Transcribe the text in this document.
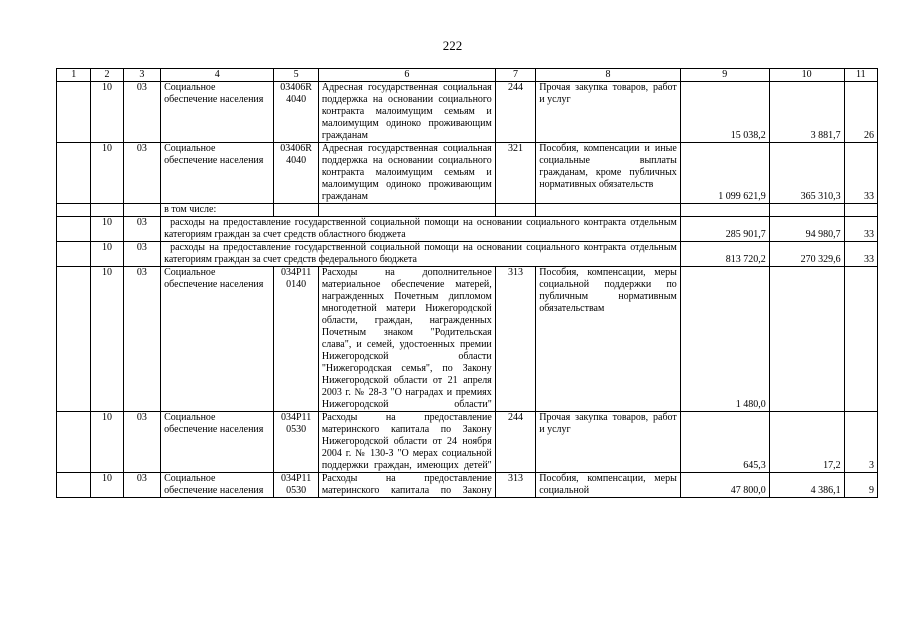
222
1	2	3	4	5	6	7	8	9	10	11
	10	03	Социальное обеспечение населения	03406R 4040	Адресная государственная социальная поддержка на основании социального контракта малоимущим семьям и малоимущим одиноко проживающим гражданам	244	Прочая закупка товаров, работ и услуг	15 038,2	3 881,7	26
	10	03	Социальное обеспечение населения	03406R 4040	Адресная государственная социальная поддержка на основании социального контракта малоимущим семьям и малоимущим одиноко проживающим гражданам	321	Пособия, компенсации и иные социальные выплаты гражданам, кроме публичных нормативных обязательств	1 099 621,9	365 310,3	33
			в том числе:							
	10	03	расходы на предоставление государственной социальной помощи на основании социального контракта отдельным категориям граждан за счет средств областного бюджета					285 901,7	94 980,7	33
	10	03	расходы на предоставление государственной социальной помощи на основании социального контракта отдельным категориям граждан за счет средств федерального бюджета					813 720,2	270 329,6	33
	10	03	Социальное обеспечение населения	034P11 0140	Расходы на дополнительное материальное обеспечение матерей, награжденных Почетным дипломом многодетной матери Нижегородской области, граждан, награжденных Почетным знаком "Родительская слава", и семей, удостоенных премии Нижегородской области "Нижегородская семья", по Закону Нижегородской области от 21 апреля 2003 г. № 28-З "О наградах и премиях Нижегородской области"	313	Пособия, компенсации, меры социальной поддержки по публичным нормативным обязательствам	1 480,0		
	10	03	Социальное обеспечение населения	034P11 0530	Расходы на предоставление материнского капитала по Закону Нижегородской области от 24 ноября 2004 г. № 130-З "О мерах социальной поддержки граждан, имеющих детей"	244	Прочая закупка товаров, работ и услуг	645,3	17,2	3
	10	03	Социальное обеспечение населения	034P11 0530	Расходы на предоставление материнского капитала по Закону	313	Пособия, компенсации, меры социальной	47 800,0	4 386,1	9
